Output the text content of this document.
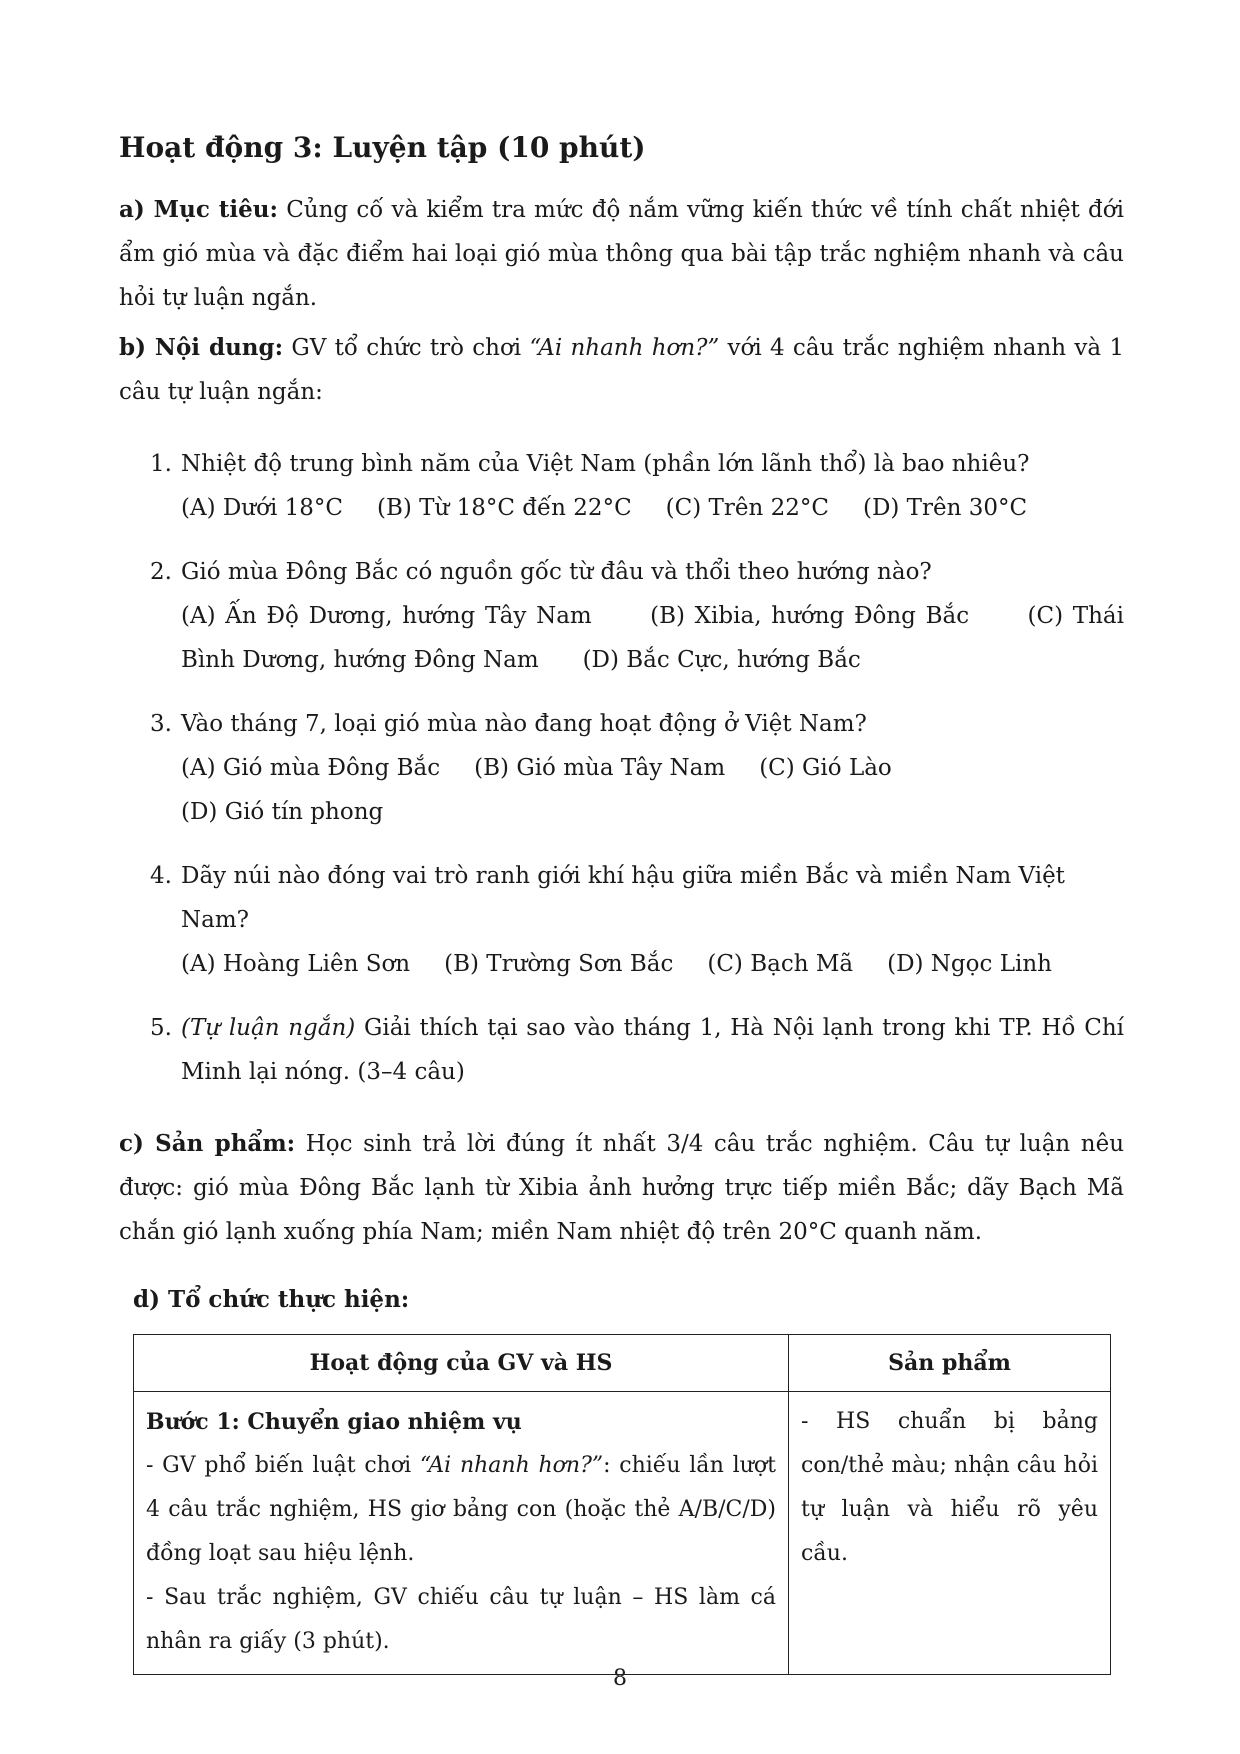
Hoạt động 3: Luyện tập (10 phút)

a) Mục tiêu: Củng cố và kiểm tra mức độ nắm vững kiến thức về tính chất nhiệt đới ẩm gió mùa và đặc điểm hai loại gió mùa thông qua bài tập trắc nghiệm nhanh và câu hỏi tự luận ngắn.

b) Nội dung: GV tổ chức trò chơi “Ai nhanh hơn?” với 4 câu trắc nghiệm nhanh và 1 câu tự luận ngắn:

1. Nhiệt độ trung bình năm của Việt Nam (phần lớn lãnh thổ) là bao nhiêu?
(A) Dưới 18°C (B) Từ 18°C đến 22°C (C) Trên 22°C (D) Trên 30°C
2. Gió mùa Đông Bắc có nguồn gốc từ đâu và thổi theo hướng nào?

(A) Ấn Độ Dương, hướng Tây Nam	(B) Xibia, hướng Đông Bắc	(C) Thái Bình Dương, hướng Đông Nam (D) Bắc Cực, hướng Bắc

3. Vào tháng 7, loại gió mùa nào đang hoạt động ở Việt Nam?
(A) Gió mùa Đông Bắc (B) Gió mùa Tây Nam (C) Gió Lào
(D) Gió tín phong
4. Dãy núi nào đóng vai trò ranh giới khí hậu giữa miền Bắc và miền Nam Việt Nam?
(A) Hoàng Liên Sơn (B) Trường Sơn Bắc (C) Bạch Mã (D) Ngọc Linh
5. (Tự luận ngắn) Giải thích tại sao vào tháng 1, Hà Nội lạnh trong khi TP. Hồ Chí Minh lại nóng. (3–4 câu)

c) Sản phẩm: Học sinh trả lời đúng ít nhất 3/4 câu trắc nghiệm. Câu tự luận nêu được: gió mùa Đông Bắc lạnh từ Xibia ảnh hưởng trực tiếp miền Bắc; dãy Bạch Mã chắn gió lạnh xuống phía Nam; miền Nam nhiệt độ trên 20°C quanh năm.

d) Tổ chức thực hiện:
Hoạt động của GV và HS	Sản phẩm

Bước 1: Chuyển giao nhiệm vụ

- GV phổ biến luật chơi “Ai nhanh hơn?”: chiếu lần lượt 4 câu trắc nghiệm, HS giơ bảng con (hoặc thẻ A/B/C/D) đồng loạt sau hiệu lệnh.

- Sau trắc nghiệm, GV chiếu câu tự luận – HS làm cá nhân ra giấy (3 phút).	- HS chuẩn bị bảng con/thẻ màu; nhận câu hỏi tự luận và hiểu rõ yêu cầu.

8
